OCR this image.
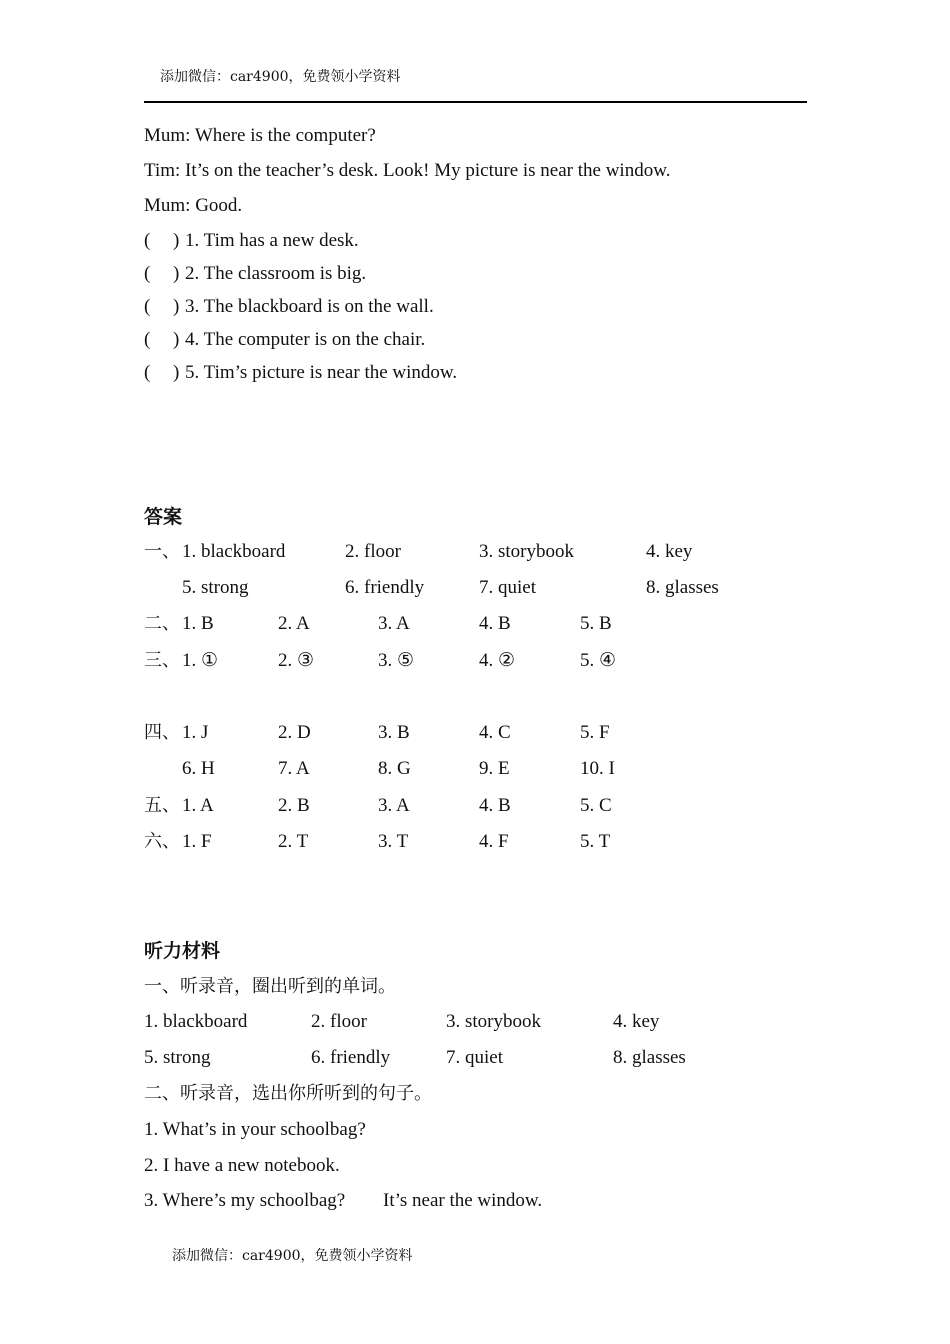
添加微信：car4900，免费领小学资料
Mum: Where is the computer?
Tim: It’s on the teacher’s desk. Look! My picture is near the window.
Mum: Good.
( ) 1. Tim has a new desk.
( ) 2. The classroom is big.
( ) 3. The blackboard is on the wall.
( ) 4. The computer is on the chair.
( ) 5. Tim’s picture is near the window.
答案
一、 1. blackboard	2. floor	3. storybook	4. key
5. strong	6. friendly	7. quiet	8. glasses
二、 1. B	2. A	3. A	4. B	5. B
三、 1. ①	2. ③	3. ⑤	4. ②	5. ④
四、 1. J	2. D	3. B	4. C	5. F
6. H	7. A	8. G	9. E	10. I
五、 1. A	2. B	3. A	4. B	5. C
六、 1. F	2. T	3. T	4. F	5. T
听力材料
一、听录音，圈出听到的单词。
1. blackboard	2. floor	3. storybook	4. key
5. strong	6. friendly	7. quiet	8. glasses
二、听录音，选出你所听到的句子。
1. What’s in your schoolbag?
2. I have a new notebook.
3. Where’s my schoolbag? It’s near the window.
添加微信：car4900，免费领小学资料
